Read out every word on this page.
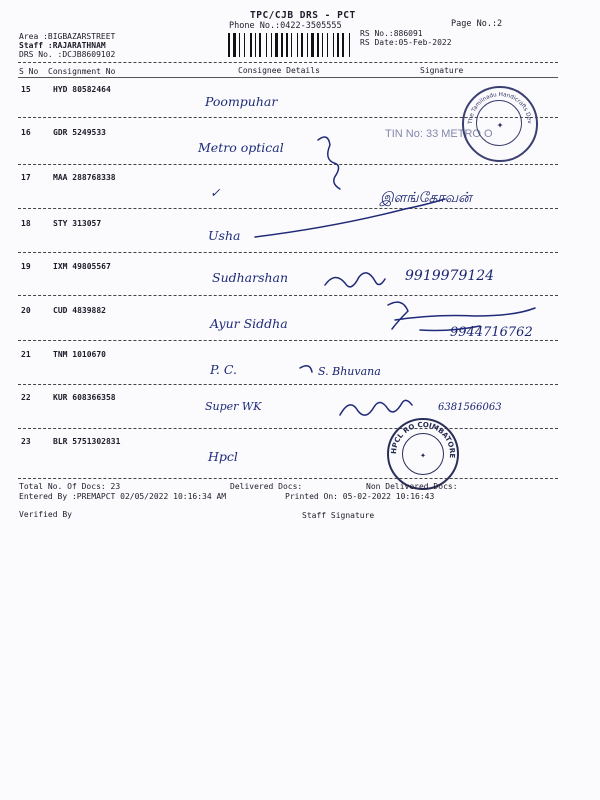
TPC/CJB DRS - PCT
Phone No.:0422-3505555	Page No.:2
Area :BIGBAZARSTREET
Staff :RAJARATHNAM
DRS No. :DCJB8609102
RS No.:886091
RS Date:05-Feb-2022
S No Consignment No	Consignee Details	Signature
15	HYD 80582464
Poompuhar
16	GDR 5249533
Metro optical
TIN No: 33 METRO O
17	MAA 288768338
✓	இளங்கோவன்
18	STY 313057
Usha
19	IXM 49805567
Sudharshan	9919979124
20	CUD 4839882
Ayur Siddha
9944716762
21	TNM 1010670
P. C.	S. Bhuvana
22	KUR 608366358
Super WK	6381566063
23	BLR 5751302831
Hpcl
The Tamilnadu Handicrafts Dev
✦
HPCL RO COIMBATORE
✦
Total No. Of Docs: 23	Delivered Docs:	Non Delivered Docs:
Entered By :PREMAPCT 02/05/2022 10:16:34 AM	Printed On: 05-02-2022 10:16:43
Verified By	Staff Signature
